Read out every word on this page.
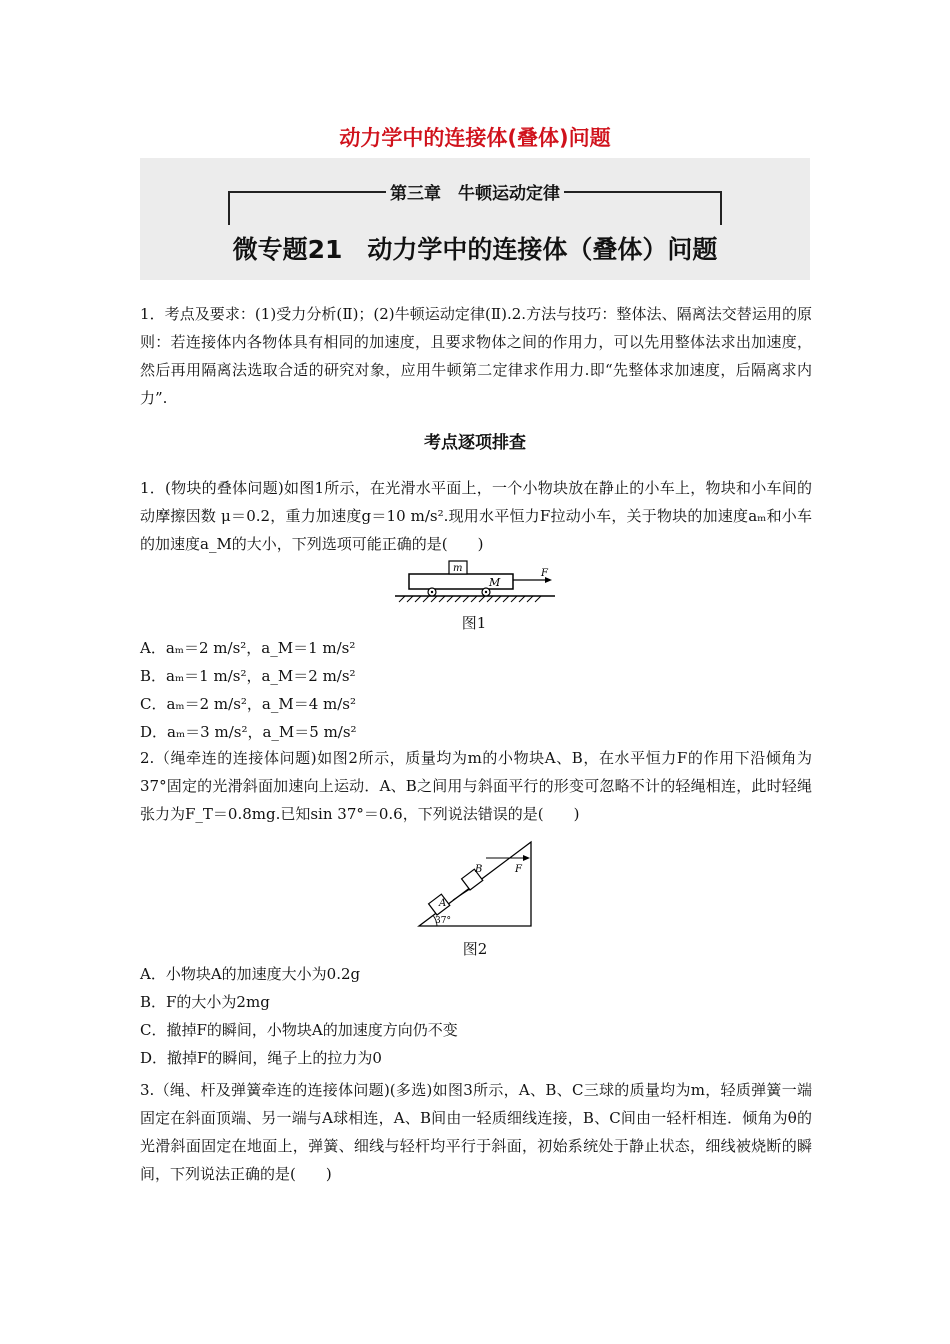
动力学中的连接体(叠体)问题
第三章　牛顿运动定律
微专题21　动力学中的连接体（叠体）问题
1．考点及要求：(1)受力分析(Ⅱ)；(2)牛顿运动定律(Ⅱ).2.方法与技巧：整体法、隔离法交替运用的原则：若连接体内各物体具有相同的加速度，且要求物体之间的作用力，可以先用整体法求出加速度，然后再用隔离法选取合适的研究对象，应用牛顿第二定律求作用力.即“先整体求加速度，后隔离求内力”.
考点逐项排查
1．(物块的叠体问题)如图1所示，在光滑水平面上，一个小物块放在静止的小车上，物块和小车间的动摩擦因数 μ＝0.2，重力加速度g＝10 m/s².现用水平恒力F拉动小车，关于物块的加速度aₘ和小车的加速度a_M的大小，下列选项可能正确的是(　　)
m
M
F
图1
A．aₘ＝2 m/s²，a_M＝1 m/s²
B．aₘ＝1 m/s²，a_M＝2 m/s²
C．aₘ＝2 m/s²，a_M＝4 m/s²
D．aₘ＝3 m/s²，a_M＝5 m/s²
2.（绳牵连的连接体问题)如图2所示，质量均为m的小物块A、B，在水平恒力F的作用下沿倾角为37°固定的光滑斜面加速向上运动．A、B之间用与斜面平行的形变可忽略不计的轻绳相连，此时轻绳张力为F_T＝0.8mg.已知sin 37°＝0.6，下列说法错误的是(　　)
A
B	F
37°
图2
A．小物块A的加速度大小为0.2g
B．F的大小为2mg
C．撤掉F的瞬间，小物块A的加速度方向仍不变
D．撤掉F的瞬间，绳子上的拉力为0
3.（绳、杆及弹簧牵连的连接体问题)(多选)如图3所示，A、B、C三球的质量均为m，轻质弹簧一端固定在斜面顶端、另一端与A球相连，A、B间由一轻质细线连接，B、C间由一轻杆相连．倾角为θ的光滑斜面固定在地面上，弹簧、细线与轻杆均平行于斜面，初始系统处于静止状态，细线被烧断的瞬间，下列说法正确的是(　　)
